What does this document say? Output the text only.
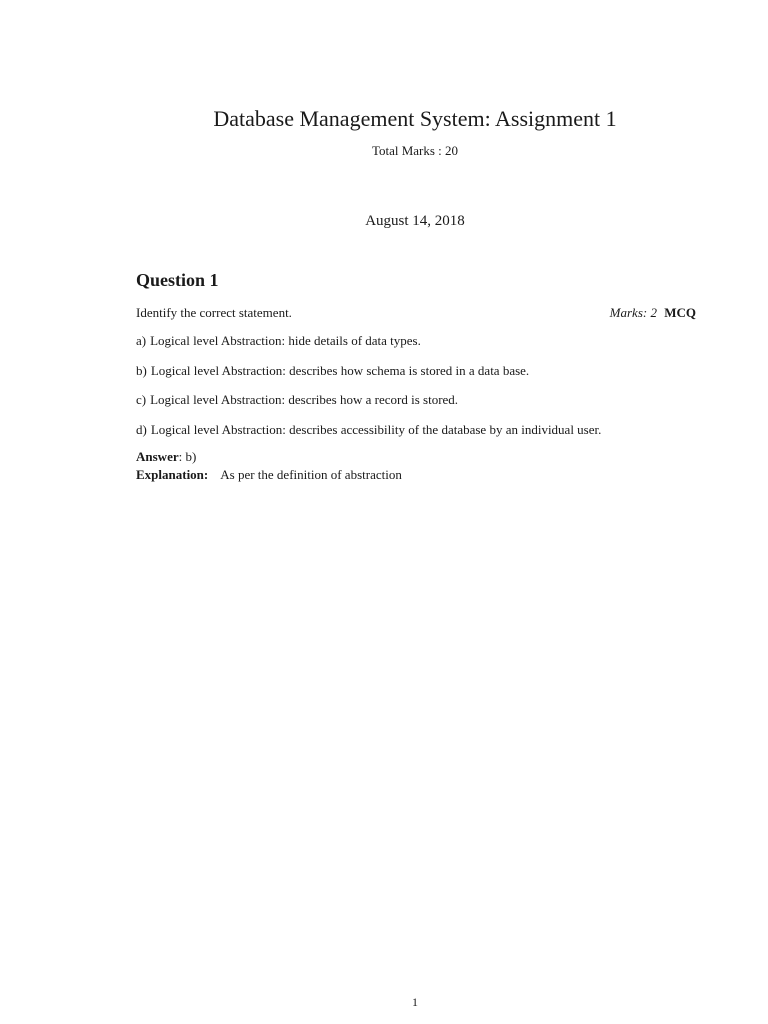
Database Management System: Assignment 1
Total Marks : 20
August 14, 2018
Question 1
Identify the correct statement.	Marks: 2 MCQ
a) Logical level Abstraction: hide details of data types.
b) Logical level Abstraction: describes how schema is stored in a data base.
c) Logical level Abstraction: describes how a record is stored.
d) Logical level Abstraction: describes accessibility of the database by an individual user.
Answer: b)
Explanation: As per the definition of abstraction
1
